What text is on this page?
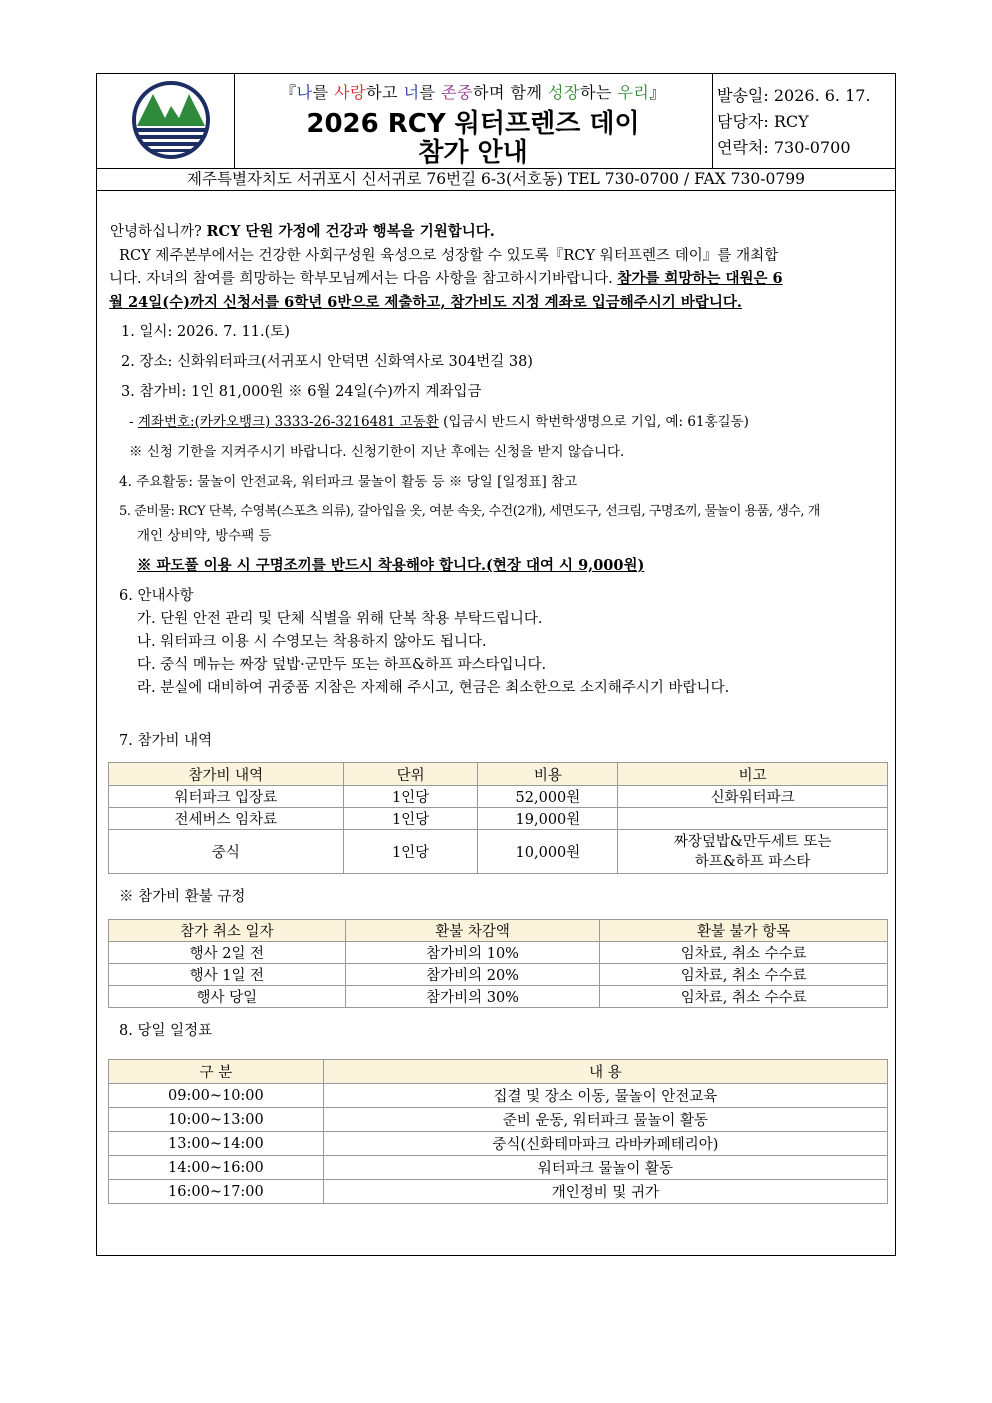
『나를 사랑하고 너를 존중하며 함께 성장하는 우리』
2026 RCY 워터프렌즈 데이
참가 안내
발송일: 2026. 6. 17.
담당자: RCY
연락처: 730-0700
제주특별자치도 서귀포시 신서귀로 76번길 6-3(서호동) TEL 730-0700 / FAX 730-0799
안녕하십니까? RCY 단원 가정에 건강과 행복을 기원합니다.
RCY 제주본부에서는 건강한 사회구성원 육성으로 성장할 수 있도록『RCY 워터프렌즈 데이』를 개최합
니다. 자녀의 참여를 희망하는 학부모님께서는 다음 사항을 참고하시기바랍니다. 참가를 희망하는 대원은 6
월 24일(수)까지 신청서를 6학년 6반으로 제출하고, 참가비도 지정 계좌로 입금해주시기 바랍니다.
1. 일시: 2026. 7. 11.(토)
2. 장소: 신화워터파크(서귀포시 안덕면 신화역사로 304번길 38)
3. 참가비: 1인 81,000원 ※ 6월 24일(수)까지 계좌입금
- 계좌번호:(카카오뱅크) 3333-26-3216481 고동환 (입금시 반드시 학번학생명으로 기입, 예: 61홍길동)
※ 신청 기한을 지켜주시기 바랍니다. 신청기한이 지난 후에는 신청을 받지 않습니다.
4. 주요활동: 물놀이 안전교육, 워터파크 물놀이 활동 등 ※ 당일 [일정표] 참고
5. 준비물: RCY 단복, 수영복(스포츠 의류), 갈아입을 옷, 여분 속옷, 수건(2개), 세면도구, 선크림, 구명조끼, 물놀이 용품, 생수, 개
개인 상비약, 방수팩 등
※ 파도풀 이용 시 구명조끼를 반드시 착용해야 합니다.(현장 대여 시 9,000원)
6. 안내사항
가. 단원 안전 관리 및 단체 식별을 위해 단복 착용 부탁드립니다.
나. 워터파크 이용 시 수영모는 착용하지 않아도 됩니다.
다. 중식 메뉴는 짜장 덮밥·군만두 또는 하프&하프 파스타입니다.
라. 분실에 대비하여 귀중품 지참은 자제해 주시고, 현금은 최소한으로 소지해주시기 바랍니다.
7. 참가비 내역
참가비 내역	단위	비용	비고
워터파크 입장료	1인당	52,000원	신화워터파크
전세버스 임차료	1인당	19,000원	
중식	1인당	10,000원	짜장덮밥&만두세트 또는
하프&하프 파스타
※ 참가비 환불 규정
참가 취소 일자	환불 차감액	환불 불가 항목
행사 2일 전	참가비의 10%	임차료, 취소 수수료
행사 1일 전	참가비의 20%	임차료, 취소 수수료
행사 당일	참가비의 30%	임차료, 취소 수수료
8. 당일 일정표
구 분	내 용
09:00~10:00	집결 및 장소 이동, 물놀이 안전교육
10:00~13:00	준비 운동, 워터파크 물놀이 활동
13:00~14:00	중식(신화테마파크 라바카페테리아)
14:00~16:00	워터파크 물놀이 활동
16:00~17:00	개인정비 및 귀가
